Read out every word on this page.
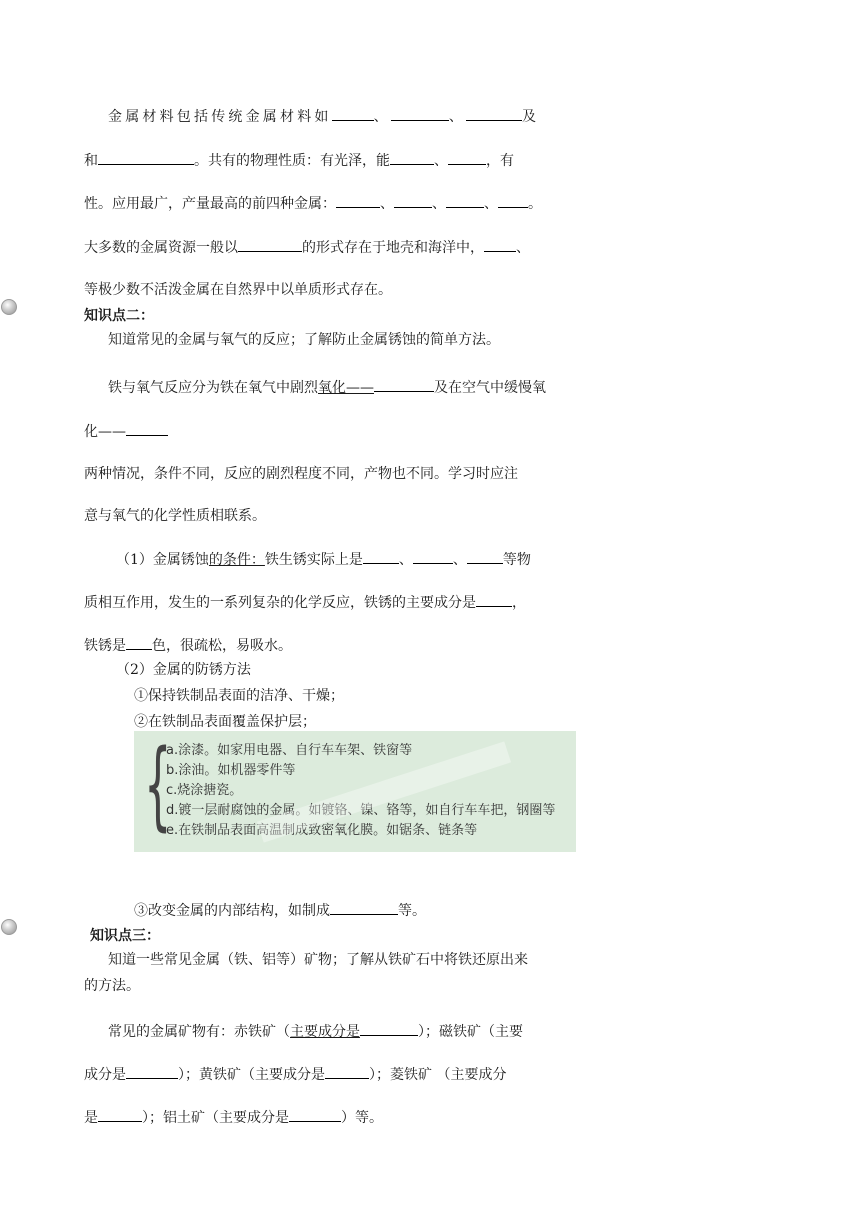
金属材料包括传统金属材料如	、	、	及
和	。共有的物理性质：有光泽，能	、	，有
性。应用最广，产量最高的前四种金属：	、	、	、 。
大多数的金属资源一般以	的形式存在于地壳和海洋中， 、
等极少数不活泼金属在自然界中以单质形式存在。
知识点二：
知道常见的金属与氧气的反应；了解防止金属锈蚀的简单方法。
铁与氧气反应分为铁在氧气中剧烈氧化——	及在空气中缓慢氧
化——
两种情况，条件不同，反应的剧烈程度不同，产物也不同。学习时应注
意与氧气的化学性质相联系。
（1）金属锈蚀的条件：铁生锈实际上是	、	、	等物
质相互作用，发生的一系列复杂的化学反应，铁锈的主要成分是	，
铁锈是 色，很疏松，易吸水。
（2）金属的防锈方法
①保持铁制品表面的洁净、干燥；
②在铁制品表面覆盖保护层；
{
a.涂漆。如家用电器、自行车车架、铁窗等
b.涂油。如机器零件等
c.烧涂搪瓷。
d.镀一层耐腐蚀的金属。如镀铬、镍、铬等，如自行车车把，钢圈等
e.在铁制品表面高温制成致密氧化膜。如锯条、链条等
③改变金属的内部结构，如制成	等。
知识点三：
知道一些常见金属（铁、铝等）矿物；了解从铁矿石中将铁还原出来
的方法。
常见的金属矿物有：赤铁矿（主要成分是	）；磁铁矿（主要
成分是	）；黄铁矿（主要成分是	）；菱铁矿 （主要成分
是	）；铝土矿（主要成分是	）等。
